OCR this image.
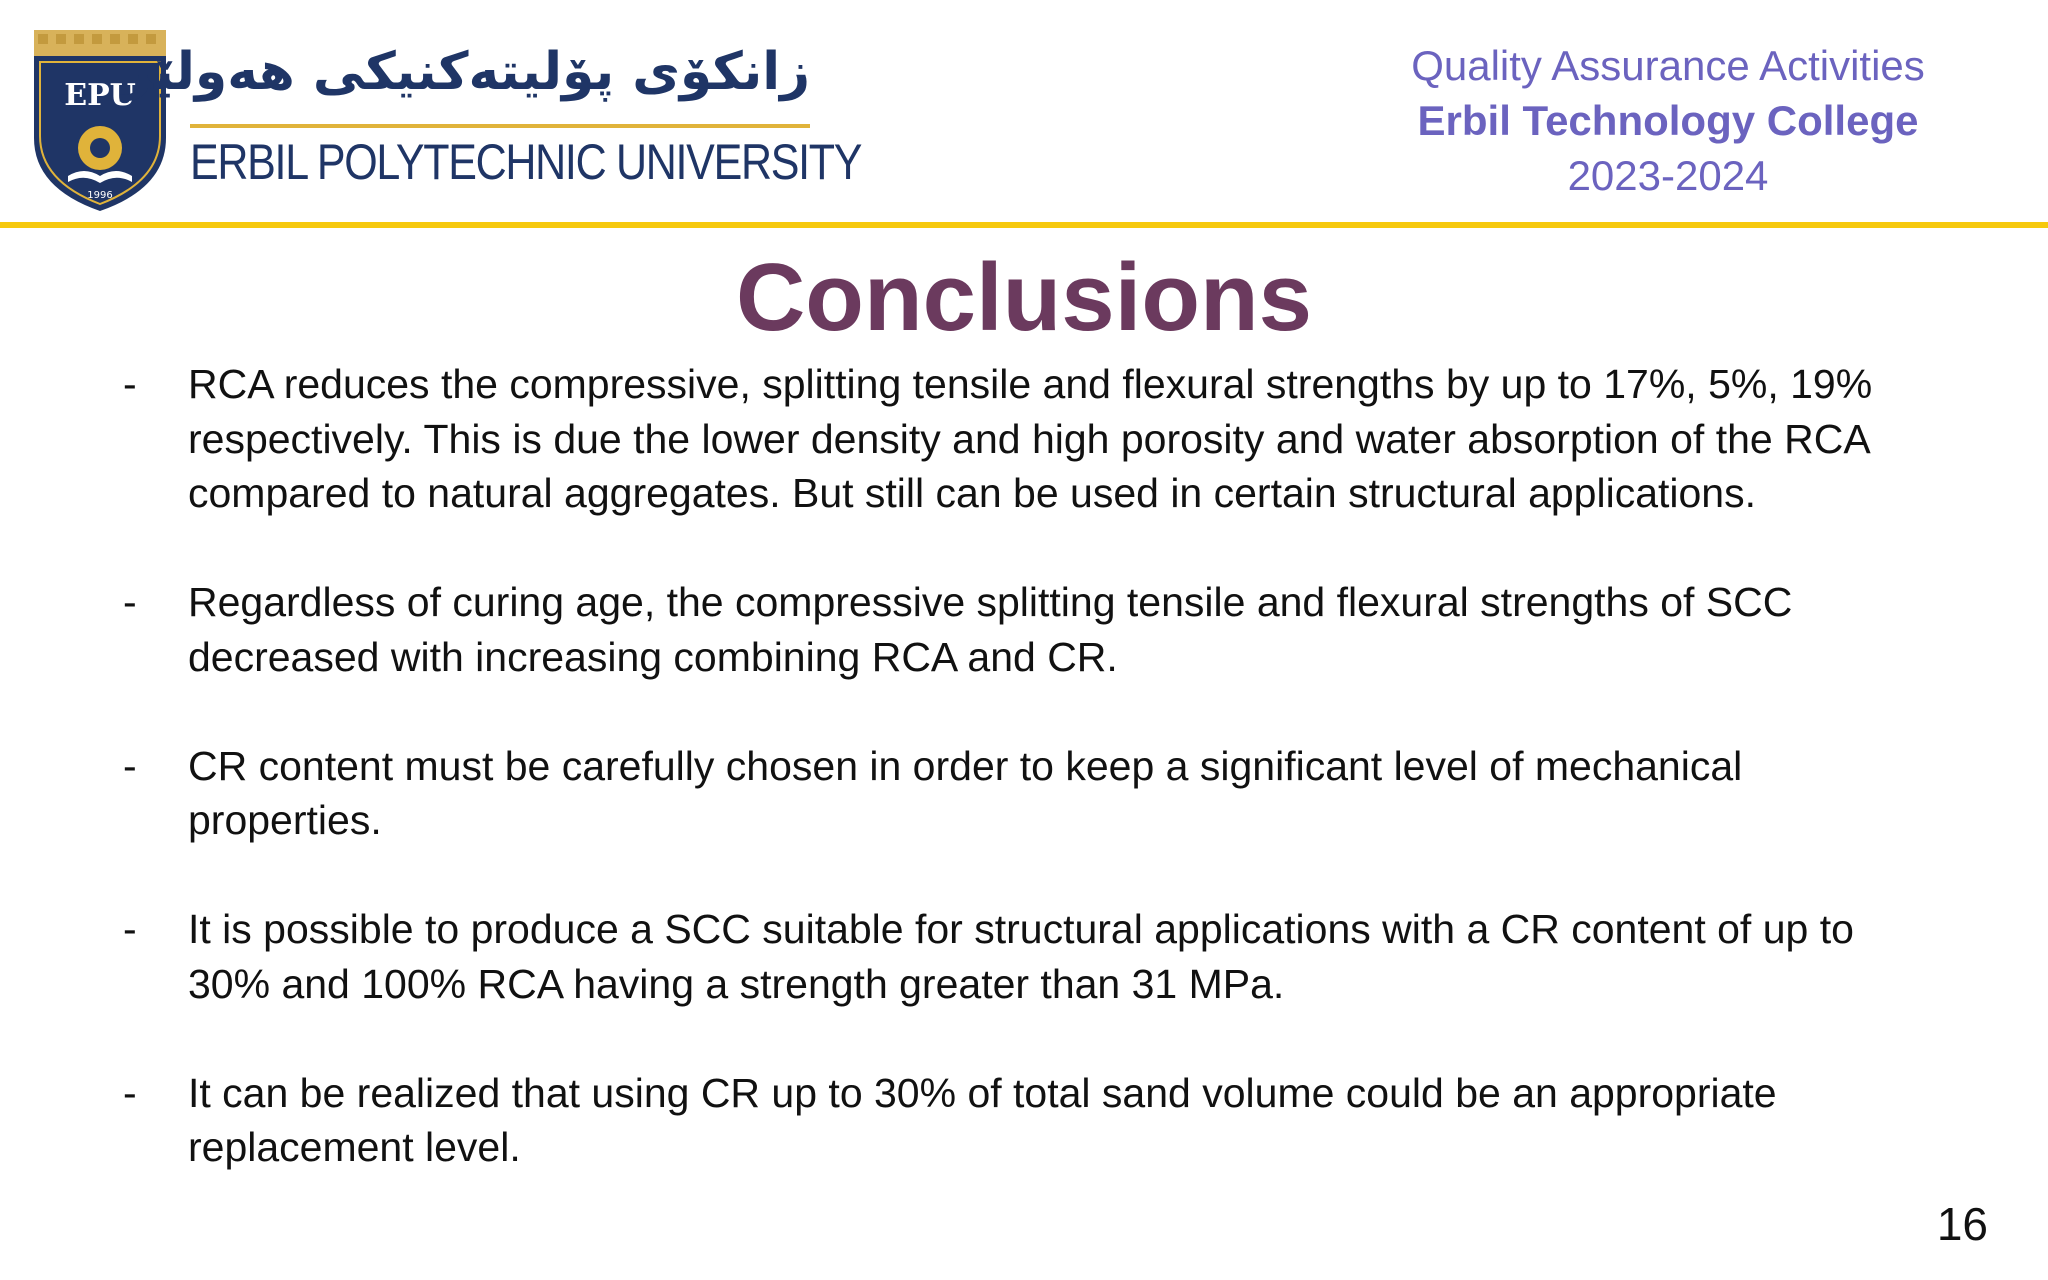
EPU
1996
زانکۆی پۆلیتەکنیکی هەولێر
ERBIL POLYTECHNIC UNIVERSITY
Quality Assurance Activities
Erbil Technology College
2023-2024
Conclusions
- RCA reduces the compressive, splitting tensile and flexural strengths by up to 17%, 5%, 19% respectively. This is due the lower density and high porosity and water absorption of the RCA compared to natural aggregates. But still can be used in certain structural applications.
- Regardless of curing age, the compressive splitting tensile and flexural strengths of SCC decreased with increasing combining RCA and CR.
- CR content must be carefully chosen in order to keep a significant level of mechanical properties.
- It is possible to produce a SCC suitable for structural applications with a CR content of up to 30% and 100% RCA having a strength greater than 31 MPa.
- It can be realized that using CR up to 30% of total sand volume could be an appropriate replacement level.
16
